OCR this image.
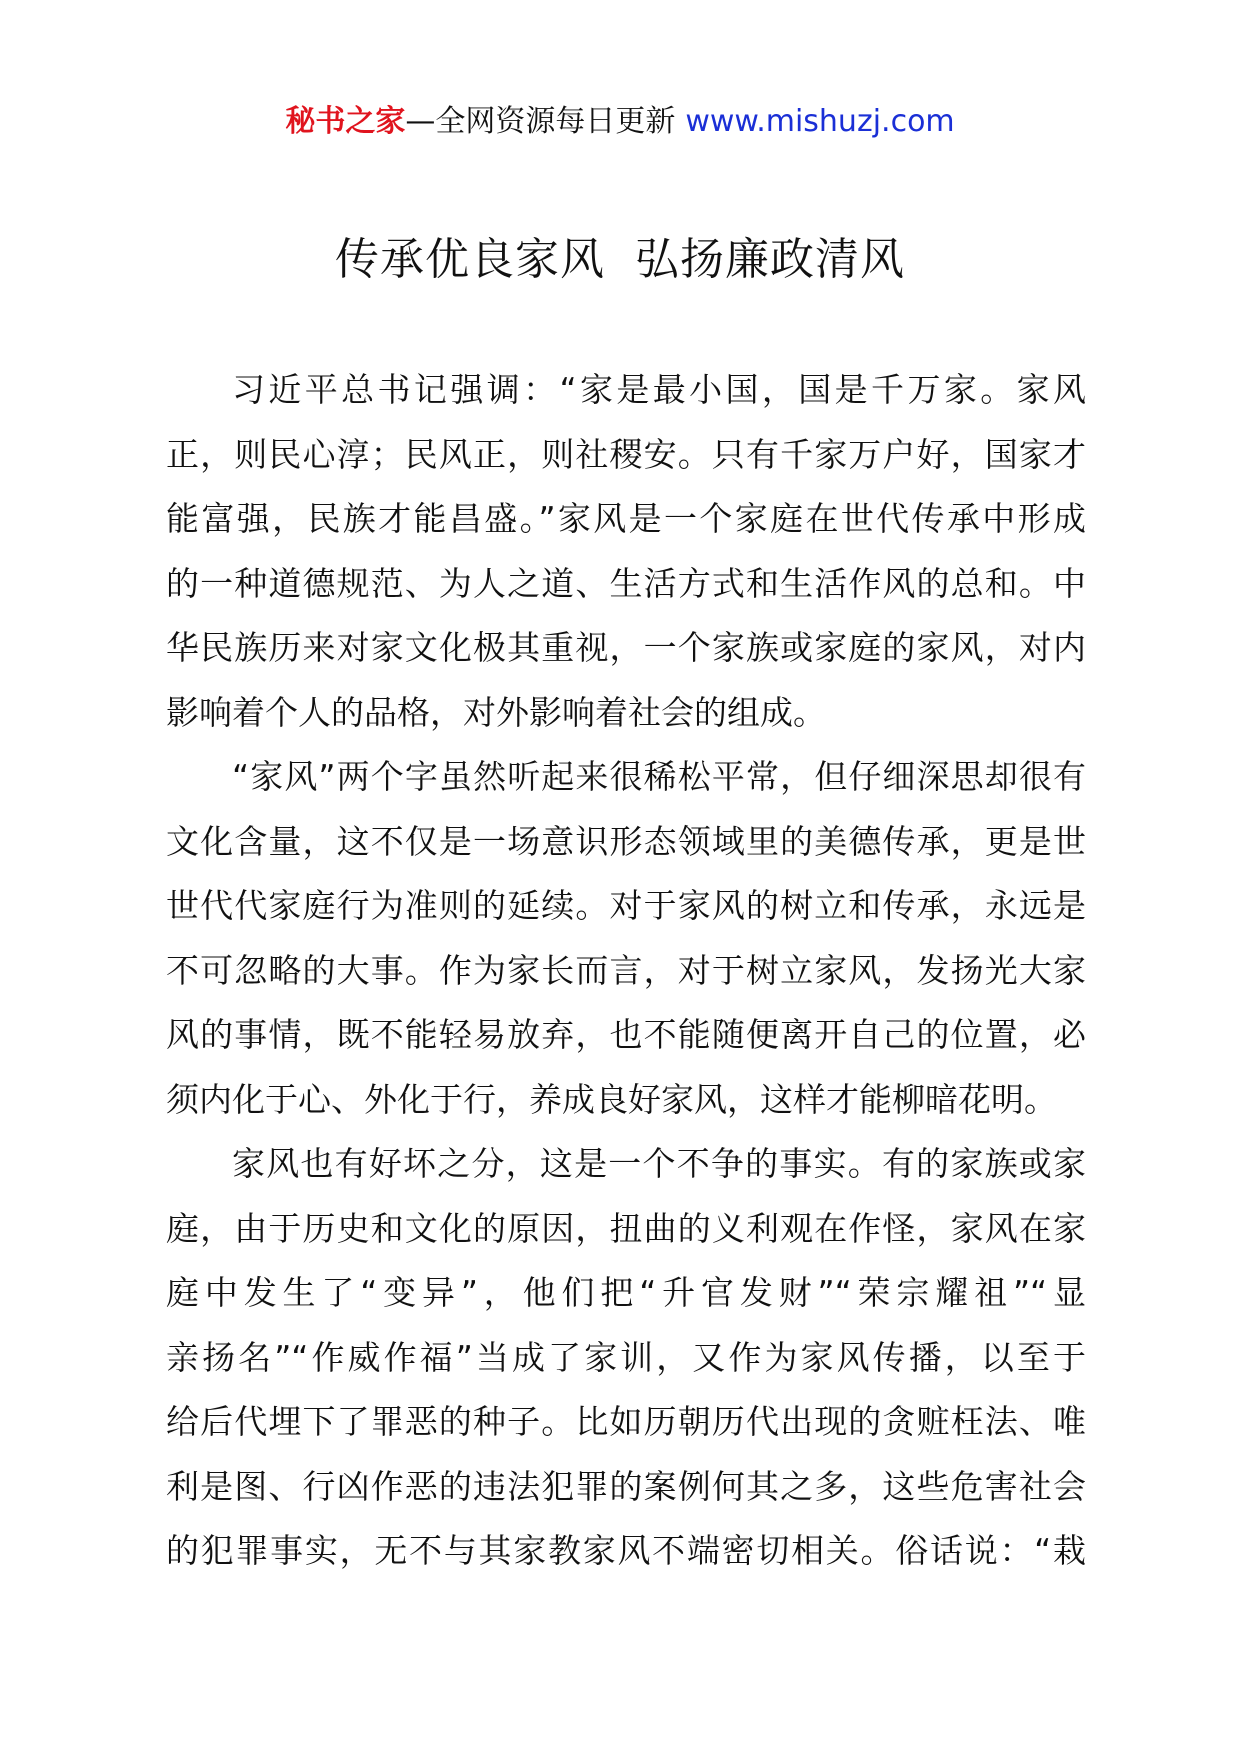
秘书之家—全网资源每日更新 www.mishuzj.com
传承优良家风  弘扬廉政清风
习近平总书记强调：“家是最小国，国是千万家。家风
正，则民心淳；民风正，则社稷安。只有千家万户好，国家才
能富强，民族才能昌盛。”家风是一个家庭在世代传承中形成
的一种道德规范、为人之道、生活方式和生活作风的总和。中
华民族历来对家文化极其重视，一个家族或家庭的家风，对内
影响着个人的品格，对外影响着社会的组成。
“家风”两个字虽然听起来很稀松平常，但仔细深思却很有
文化含量，这不仅是一场意识形态领域里的美德传承，更是世
世代代家庭行为准则的延续。对于家风的树立和传承，永远是
不可忽略的大事。作为家长而言，对于树立家风，发扬光大家
风的事情，既不能轻易放弃，也不能随便离开自己的位置，必
须内化于心、外化于行，养成良好家风，这样才能柳暗花明。
家风也有好坏之分，这是一个不争的事实。有的家族或家
庭，由于历史和文化的原因，扭曲的义利观在作怪，家风在家
庭中发生了“变异”，他们把“升官发财”“荣宗耀祖”“显
亲扬名”“作威作福”当成了家训，又作为家风传播，以至于
给后代埋下了罪恶的种子。比如历朝历代出现的贪赃枉法、唯
利是图、行凶作恶的违法犯罪的案例何其之多，这些危害社会
的犯罪事实，无不与其家教家风不端密切相关。俗话说：“栽
